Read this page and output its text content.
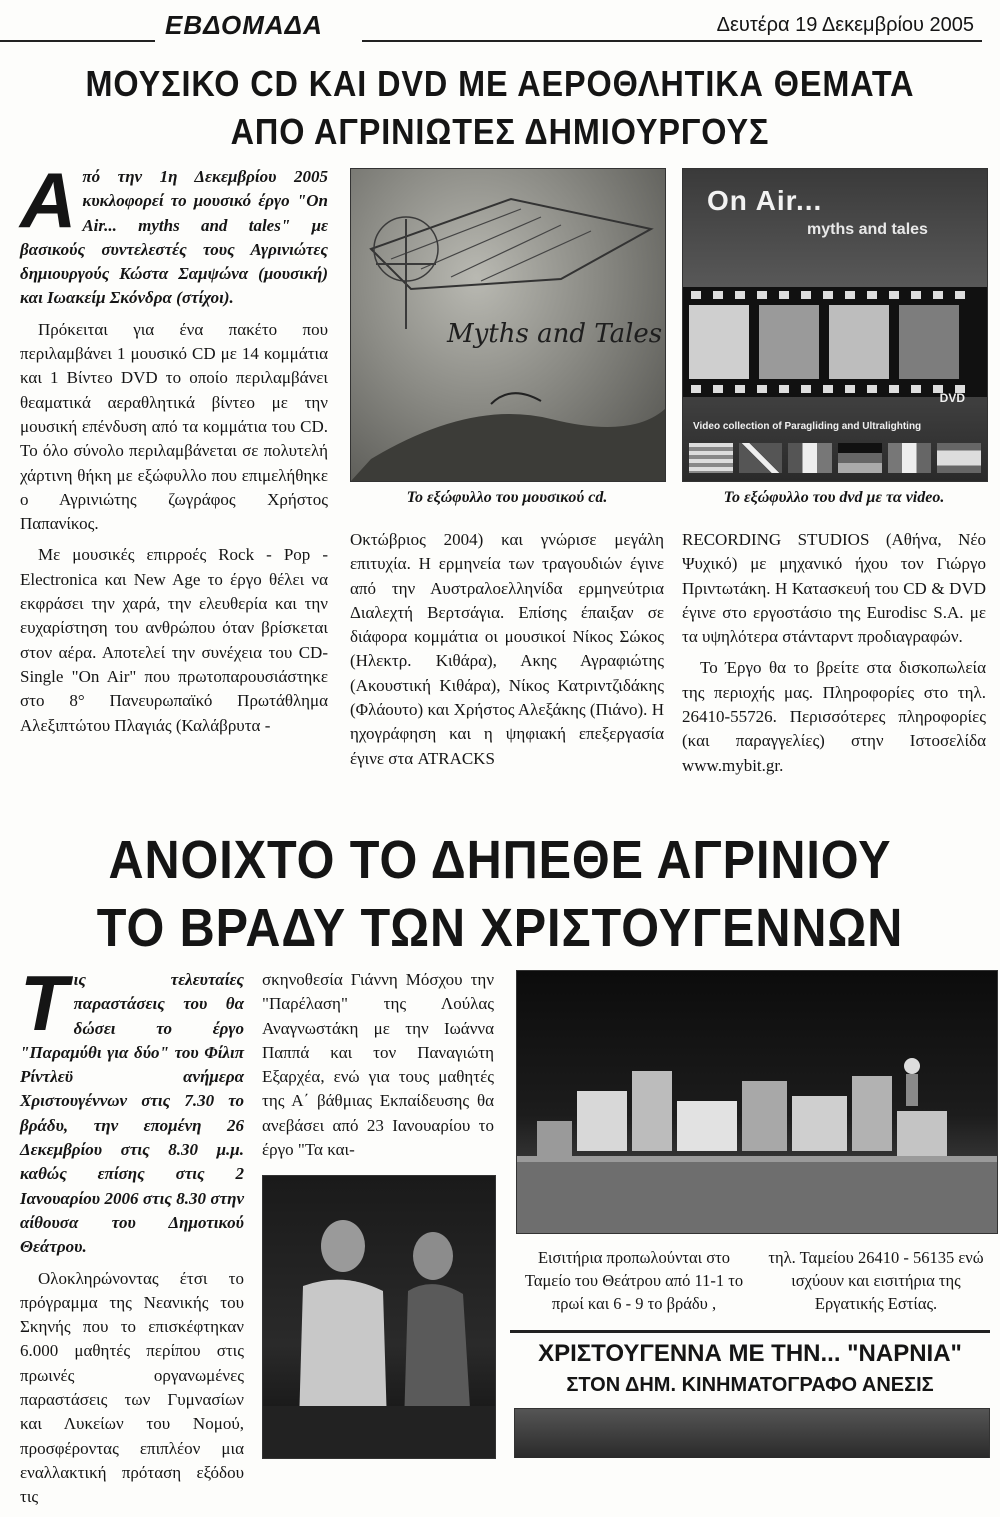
ΕΒΔΟΜΑΔΑ	Δευτέρα 19 Δεκεμβρίου 2005
ΜΟΥΣΙΚΟ CD ΚΑΙ DVD ΜΕ ΑΕΡΟΘΛΗΤΙΚΑ ΘΕΜΑΤΑ
ΑΠΟ ΑΓΡΙΝΙΩΤΕΣ ΔΗΜΙΟΥΡΓΟΥΣ

Από την 1η Δεκεμβρίου 2005 κυκλοφορεί το μουσικό έργο "On Air... myths and tales" με βασικούς συντελεστές τους Αγρινιώτες δημιουργούς Κώστα Σαμψώνα (μουσική) και Ιωακείμ Σκόνδρα (στίχοι).

Πρόκειται για ένα πακέτο που περιλαμβάνει 1 μουσικό CD με 14 κομμάτια και 1 Βίντεο DVD το οποίο περιλαμβάνει θεαματικά αεραθλητικά βίντεο με την μουσική επένδυση από τα κομμάτια του CD. Το όλο σύνολο περιλαμβάνεται σε πολυτελή χάρτινη θήκη με εξώφυλλο που επιμελήθηκε ο Αγρινιώτης ζωγράφος Χρήστος Παπανίκος.

Με μουσικές επιρροές Rock - Pop - Electronica και New Age το έργο θέλει να εκφράσει την χαρά, την ελευθερία και την ευχαρίστηση του ανθρώπου όταν βρίσκεται στον αέρα. Αποτελεί την συνέχεια του CD-Single "On Air" που πρωτοπαρουσιάστηκε στο 8° Πανευρωπαϊκό Πρωτάθλημα Αλεξιπτώτου Πλαγιάς (Καλάβρυτα -

Myths and Tales
Το εξώφυλλο του μουσικού cd.
On Air...
myths and tales
DVD
Video collection of Paragliding and Ultralighting
Το εξώφυλλο του dvd με τα video.

Οκτώβριος 2004) και γνώρισε μεγάλη επιτυχία. Η ερμηνεία των τραγουδιών έγινε από την Αυστραλοελληνίδα ερμηνεύτρια Διαλεχτή Βερτσάγια. Επίσης έπαιξαν σε διάφορα κομμάτια οι μουσικοί Νίκος Σώκος (Ηλεκτρ. Κιθάρα), Ακης Αγραφιώτης (Ακουστική Κιθάρα), Νίκος Κατριντζιδάκης (Φλάουτο) και Χρήστος Αλεξάκης (Πιάνο). Η ηχογράφηση και η ψηφιακή επεξεργασία έγινε στα ATRACKS

RECORDING STUDIOS (Αθήνα, Νέο Ψυχικό) με μηχανικό ήχου τον Γιώργο Πριντωτάκη. Η Κατασκευή του CD & DVD έγινε στο εργοστάσιο της Eurodisc S.A. με τα υψηλότερα στάνταρντ προδιαγραφών.

Το Έργο θα το βρείτε στα δισκοπωλεία της περιοχής μας. Πληροφορίες στο τηλ. 26410-55726. Περισσότερες πληροφορίες (και παραγγελίες) στην Ιστοσελίδα www.mybit.gr.

ΑΝΟΙΧΤΟ ΤΟ ΔΗΠΕΘΕ ΑΓΡΙΝΙΟΥ
ΤΟ ΒΡΑΔΥ ΤΩΝ ΧΡΙΣΤΟΥΓΕΝΝΩΝ

Τις τελευταίες παραστάσεις του θα δώσει το έργο "Παραμύθι για δύο" του Φίλιπ Ρίντλεϋ ανήμερα Χριστουγέννων στις 7.30 το βράδυ, την επομένη 26 Δεκεμβρίου στις 8.30 μ.μ. καθώς επίσης στις 2 Ιανουαρίου 2006 στις 8.30 στην αίθουσα του Δημοτικού Θεάτρου.

Ολοκληρώνοντας έτσι το πρόγραμμα της Νεανικής του Σκηνής που το επισκέφτηκαν 6.000 μαθητές περίπου στις πρωινές οργανωμένες παραστάσεις των Γυμνασίων και Λυκείων του Νομού, προσφέροντας επιπλέον μια εναλλακτική πρόταση εξόδου τις

σκηνοθεσία Γιάννη Μόσχου την "Παρέλαση" της Λούλας Αναγνωστάκη με την Ιωάννα Παππά και τον Παναγιώτη Εξαρχέα, ενώ για τους μαθητές της Α΄ βάθμιας Εκπαίδευσης θα ανεβάσει από 23 Ιανουαρίου το έργο "Τα και-

Εισιτήρια προπωλούνται στο Ταμείο του Θεάτρου από 11-1 το πρωί και 6 - 9 το βράδυ ,

τηλ. Ταμείου 26410 - 56135 ενώ ισχύουν και εισιτήρια της Εργατικής Εστίας.

ΧΡΙΣΤΟΥΓΕΝΝΑ ΜΕ ΤΗΝ... "ΝΑΡΝΙΑ"
ΣΤΟΝ ΔΗΜ. ΚΙΝΗΜΑΤΟΓΡΑΦΟ ΑΝΕΣΙΣ
